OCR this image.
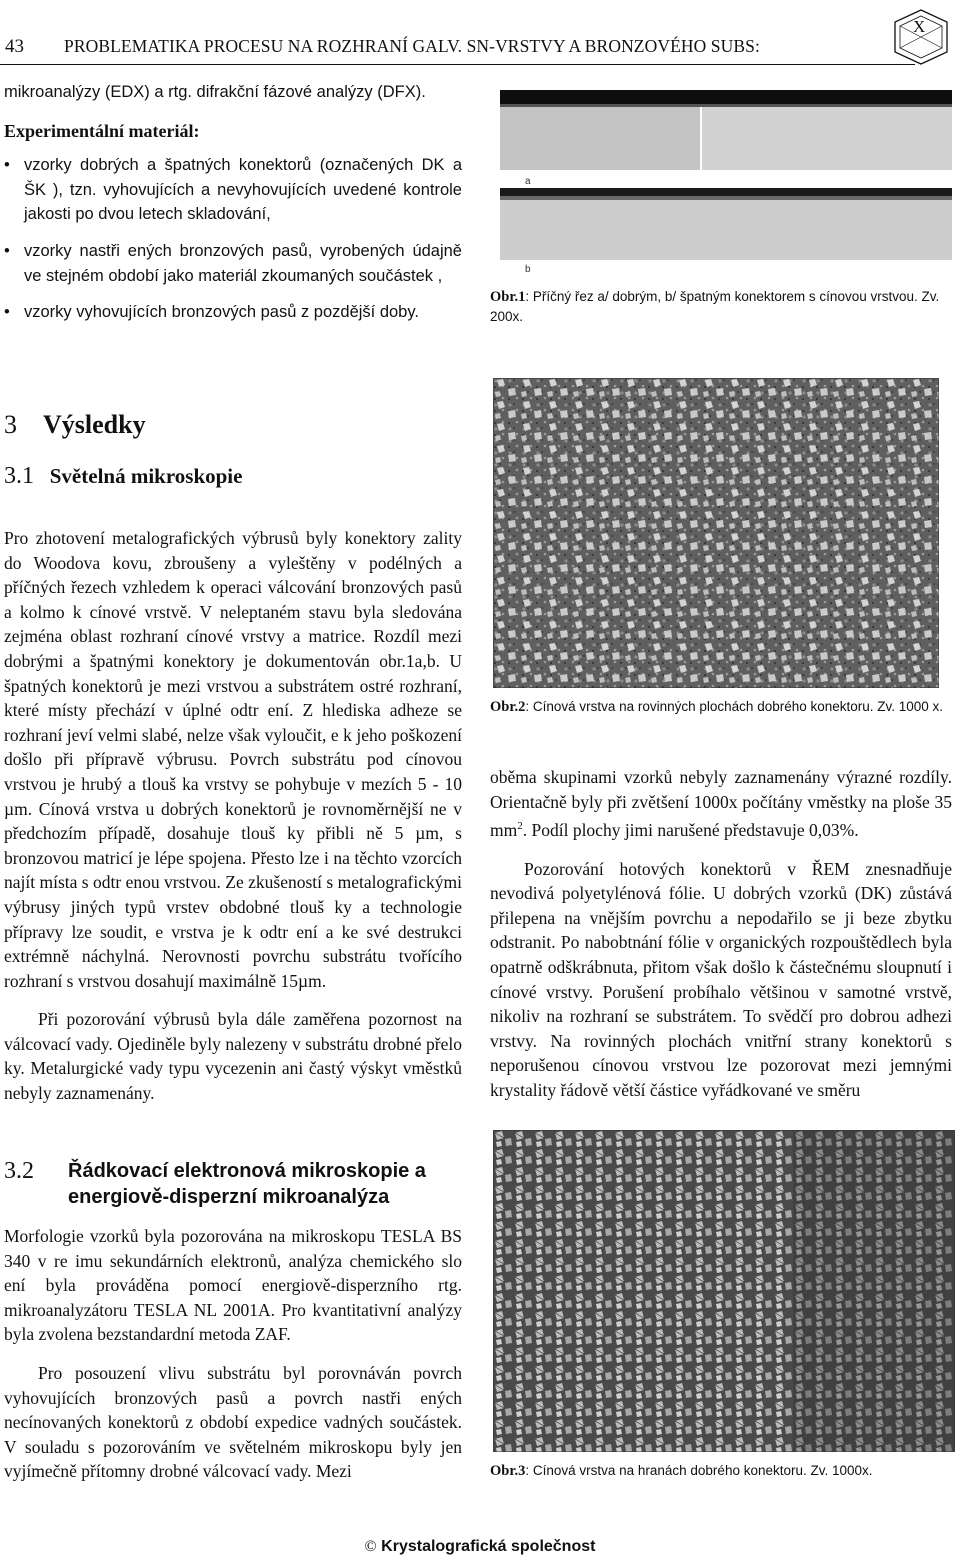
43 PROBLEMATIKA PROCESU NA ROZHRANÍ GALV. SN-VRSTVY A BRONZOVÉHO SUBS:
X

mikroanalýzy (EDX) a rtg. difrakční fázové analýzy (DFX).

Experimentální materiál:

• vzorky dobrých a špatných konektorů (označených DK a ŠK ), tzn. vyhovujících a nevyhovujících uvedené kontrole jakosti po dvou letech skladování,
• vzorky nastři ených bronzových pasů, vyrobených údajně ve stejném období jako materiál zkoumaných součástek ,
• vzorky vyhovujících bronzových pasů z pozdější doby.
3 Výsledky
3.1 Světelná mikroskopie

Pro zhotovení metalografických výbrusů byly konektory zality do Woodova kovu, zbroušeny a vyleštěny v podélných a příčných řezech vzhledem k operaci válcování bronzových pasů a kolmo k cínové vrstvě. V neleptaném stavu byla sledována zejména oblast rozhraní cínové vrstvy a matrice. Rozdíl mezi dobrými a špatnými konektory je dokumentován obr.1a,b. U špatných konektorů je mezi vrstvou a substrátem ostré rozhraní, které místy přechází v úplné odtr ení. Z hlediska adheze se rozhraní jeví velmi slabé, nelze však vyloučit, e k jeho poškození došlo při přípravě výbrusu. Povrch substrátu pod cínovou vrstvou je hrubý a tlouš ka vrstvy se pohybuje v mezích 5 - 10 µm. Cínová vrstva u dobrých konektorů je rovnoměrnější ne v předchozím případě, dosahuje tlouš ky přibli ně 5 µm, s bronzovou matricí je lépe spojena. Přesto lze i na těchto vzorcích najít místa s odtr enou vrstvou. Ze zkušeností s metalografickými výbrusy jiných typů vrstev obdobné tlouš ky a technologie přípravy lze soudit, e vrstva je k odtr ení a ke své destrukci extrémně náchylná. Nerovnosti povrchu substrátu tvořícího rozhraní s vrstvou dosahují maximálně 15µm.

Při pozorování výbrusů byla dále zaměřena pozornost na válcovací vady. Ojediněle byly nalezeny v substrátu drobné přelo ky. Metalurgické vady typu vycezenin ani častý výskyt vměstků nebyly zaznamenány.

3.2	Řádkovací elektronová mikroskopie a energiově-disperzní mikroanalýza

Morfologie vzorků byla pozorována na mikroskopu TESLA BS 340 v re imu sekundárních elektronů, analýza chemického slo ení byla prováděna pomocí energiově-disperzního rtg. mikroanalyzátoru TESLA NL 2001A. Pro kvantitativní analýzy byla zvolena bezstandardní metoda ZAF.

Pro posouzení vlivu substrátu byl porovnáván povrch vyhovujících bronzových pasů a povrch nastři ených necínovaných konektorů z období expedice vadných součástek. V souladu s pozorováním ve světelném mikroskopu byly jen vyjímečně přítomny drobné válcovací vady. Mezi

a
b
Obr.1: Příčný řez a/ dobrým, b/ špatným konektorem s cínovou vrstvou. Zv. 200x.
Obr.2: Cínová vrstva na rovinných plochách dobrého konektoru. Zv. 1000 x.

oběma skupinami vzorků nebyly zaznamenány výrazné rozdíly. Orientačně byly při zvětšení 1000x počítány vměstky na ploše 35 $mm^2$. Podíl plochy jimi narušené představuje 0,03%.

Pozorování hotových konektorů v ŘEM znesnadňuje nevodivá polyetylénová fólie. U dobrých vzorků (DK) zůstává přilepena na vnějším povrchu a nepodařilo se ji beze zbytku odstranit. Po nabobtnání fólie v organických rozpouštědlech byla opatrně odškrábnuta, přitom však došlo k částečnému sloupnutí i cínové vrstvy. Porušení probíhalo většinou v samotné vrstvě, nikoliv na rozhraní se substrátem. To svědčí pro dobrou adhezi vrstvy. Na rovinných plochách vnitřní strany konektorů s neporušenou cínovou vrstvou lze pozorovat mezi jemnými krystality řádově větší částice vyřádkované ve směru

Obr.3: Cínová vrstva na hranách dobrého konektoru. Zv. 1000x.
© Krystalografická společnost
